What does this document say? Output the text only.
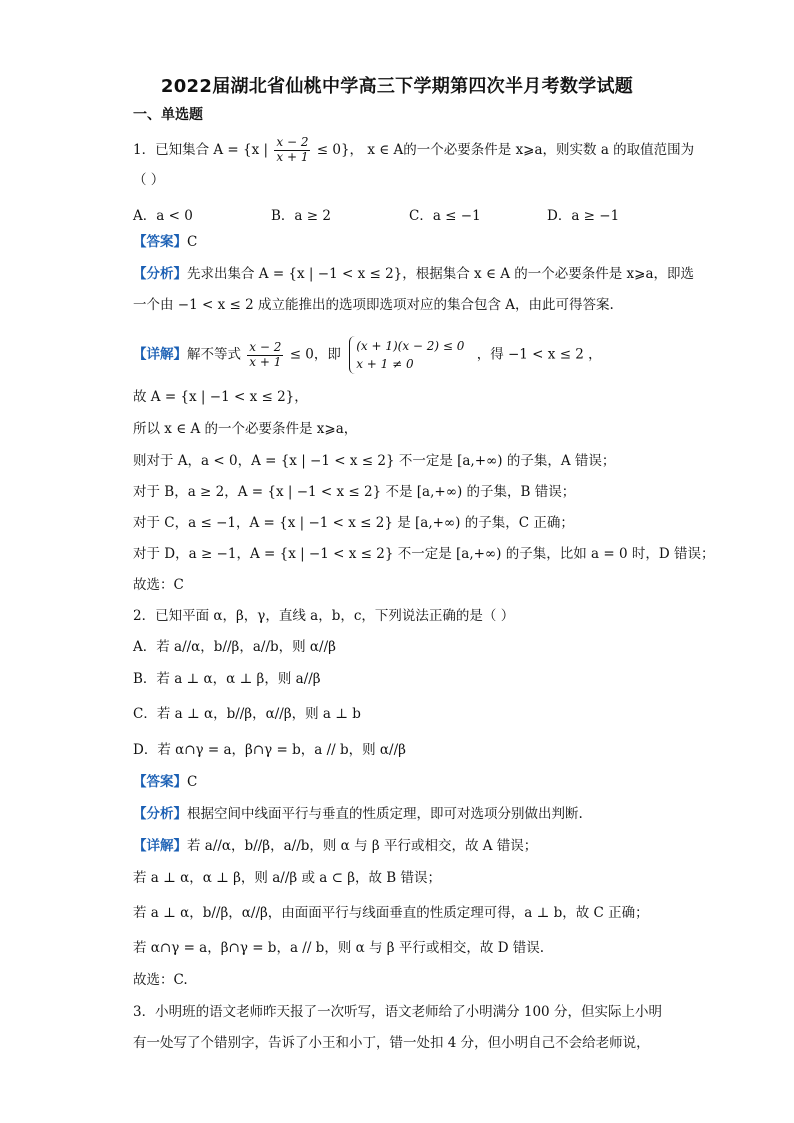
2022届湖北省仙桃中学高三下学期第四次半月考数学试题
一、单选题
1．已知集合 A = {x | $\frac{x - 2}{x + 1} \le 0$}， x ∈ A的一个必要条件是 x⩾a，则实数 a 的取值范围为
（ ）
A．a < 0	B．a ≥ 2	C．a ≤ −1	D．a ≥ −1
【答案】C
【分析】先求出集合 A = {x | −1 < x ≤ 2}，根据集合 x ∈ A 的一个必要条件是 x⩾a，即选
一个由 −1 < x ≤ 2 成立能推出的选项即选项对应的集合包含 A，由此可得答案.
【详解】解不等式 $\frac{x - 2}{x + 1} \le 0$，即
(x + 1)(x − 2) ≤ 0
x + 1 ≠ 0
，得 −1 < x ≤ 2 ，
故 A = {x | −1 < x ≤ 2}，
所以 x ∈ A 的一个必要条件是 x⩾a，
则对于 A，a < 0，A = {x | −1 < x ≤ 2} 不一定是 [a,+∞) 的子集，A 错误；
对于 B，a ≥ 2，A = {x | −1 < x ≤ 2} 不是 [a,+∞) 的子集，B 错误；
对于 C，a ≤ −1，A = {x | −1 < x ≤ 2} 是 [a,+∞) 的子集，C 正确；
对于 D，a ≥ −1，A = {x | −1 < x ≤ 2} 不一定是 [a,+∞) 的子集，比如 a = 0 时，D 错误；
故选：C
2．已知平面 α，β，γ，直线 a，b，c，下列说法正确的是（ ）
A．若 a//α，b//β，a//b，则 α//β
B．若 a ⊥ α，α ⊥ β，则 a//β
C．若 a ⊥ α，b//β，α//β，则 a ⊥ b
D．若 α∩γ = a，β∩γ = b，a // b，则 α//β
【答案】C
【分析】根据空间中线面平行与垂直的性质定理，即可对选项分别做出判断.
【详解】若 a//α，b//β，a//b，则 α 与 β 平行或相交，故 A 错误；
若 a ⊥ α，α ⊥ β，则 a//β 或 a ⊂ β，故 B 错误；
若 a ⊥ α，b//β，α//β，由面面平行与线面垂直的性质定理可得，a ⊥ b，故 C 正确；
若 α∩γ = a，β∩γ = b，a // b，则 α 与 β 平行或相交，故 D 错误.
故选：C.
3．小明班的语文老师昨天报了一次听写，语文老师给了小明满分 100 分，但实际上小明
有一处写了个错别字，告诉了小王和小丁，错一处扣 4 分，但小明自己不会给老师说，
